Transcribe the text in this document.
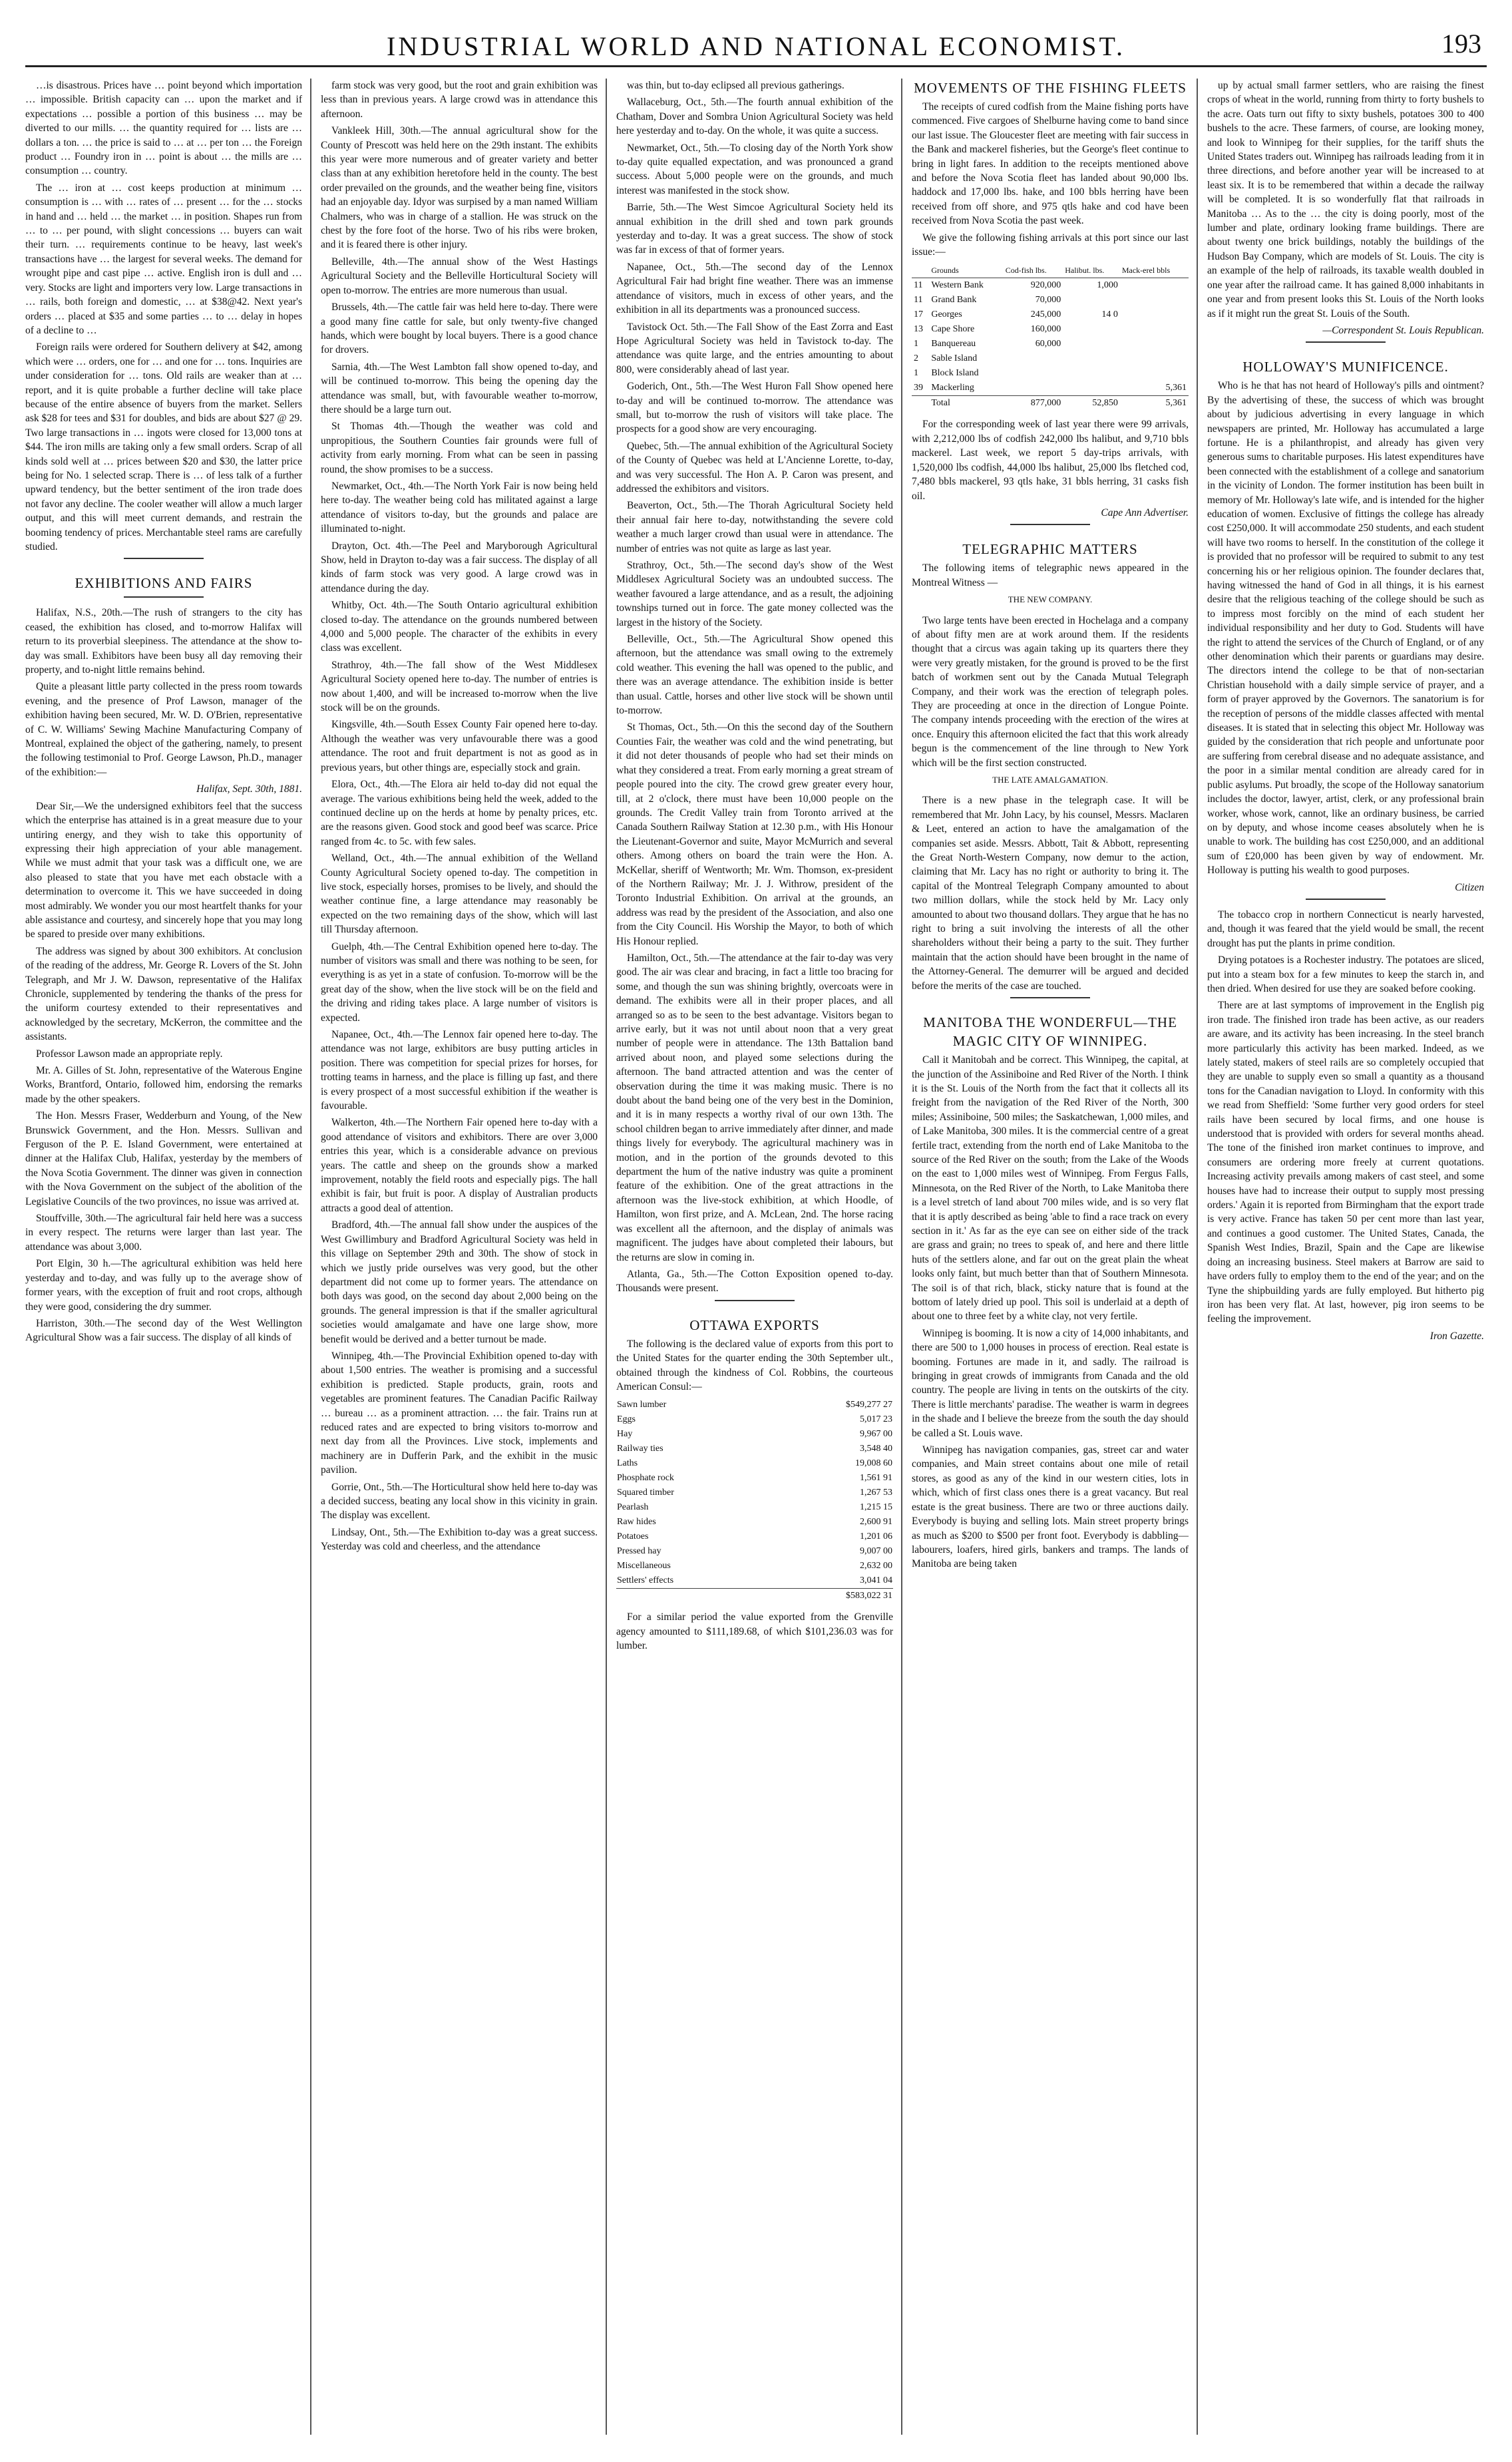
INDUSTRIAL WORLD AND NATIONAL ECONOMIST.	193

…is disastrous. Prices have … point beyond which importation … impossible. British capacity can … upon the market and if expectations … possible a portion of this business … may be diverted to our mills. … the quantity required for … lists are … dollars a ton. … the price is said to … at … per ton … the Foreign product … Foundry iron in … point is about … the mills are … consumption … country.

The … iron at … cost keeps production at minimum … consumption is … with … rates of … present … for the … stocks in hand and … held … the market … in position. Shapes run from … to … per pound, with slight concessions … buyers can wait their turn. … requirements continue to be heavy, last week's transactions have … the largest for several weeks. The demand for wrought pipe and cast pipe … active. English iron is dull and … very. Stocks are light and importers very low. Large transactions in … rails, both foreign and domestic, … at $38@42. Next year's orders … placed at $35 and some parties … to … delay in hopes of a decline to …

Foreign rails were ordered for Southern delivery at $42, among which were … orders, one for … and one for … tons. Inquiries are under consideration for … tons. Old rails are weaker than at … report, and it is quite probable a further decline will take place because of the entire absence of buyers from the market. Sellers ask $28 for tees and $31 for doubles, and bids are about $27 @ 29. Two large transactions in … ingots were closed for 13,000 tons at $44. The iron mills are taking only a few small orders. Scrap of all kinds sold well at … prices between $20 and $30, the latter price being for No. 1 selected scrap. There is … of less talk of a further upward tendency, but the better sentiment of the iron trade does not favor any decline. The cooler weather will allow a much larger output, and this will meet current demands, and restrain the booming tendency of prices. Merchantable steel rams are carefully studied.

EXHIBITIONS AND FAIRS

Halifax, N.S., 20th.—The rush of strangers to the city has ceased, the exhibition has closed, and to-morrow Halifax will return to its proverbial sleepiness. The attendance at the show to-day was small. Exhibitors have been busy all day removing their property, and to-night little remains behind.

Quite a pleasant little party collected in the press room towards evening, and the presence of Prof Lawson, manager of the exhibition having been secured, Mr. W. D. O'Brien, representative of C. W. Williams' Sewing Machine Manufacturing Company of Montreal, explained the object of the gathering, namely, to present the following testimonial to Prof. George Lawson, Ph.D., manager of the exhibition:—

Halifax, Sept. 30th, 1881.

Dear Sir,—We the undersigned exhibitors feel that the success which the enterprise has attained is in a great measure due to your untiring energy, and they wish to take this opportunity of expressing their high appreciation of your able management. While we must admit that your task was a difficult one, we are also pleased to state that you have met each obstacle with a determination to overcome it. This we have succeeded in doing most admirably. We wonder you our most heartfelt thanks for your able assistance and courtesy, and sincerely hope that you may long be spared to preside over many exhibitions.

The address was signed by about 300 exhibitors. At conclusion of the reading of the address, Mr. George R. Lovers of the St. John Telegraph, and Mr J. W. Dawson, representative of the Halifax Chronicle, supplemented by tendering the thanks of the press for the uniform courtesy extended to their representatives and acknowledged by the secretary, McKerron, the committee and the assistants.

Professor Lawson made an appropriate reply.

Mr. A. Gilles of St. John, representative of the Waterous Engine Works, Brantford, Ontario, followed him, endorsing the remarks made by the other speakers.

The Hon. Messrs Fraser, Wedderburn and Young, of the New Brunswick Government, and the Hon. Messrs. Sullivan and Ferguson of the P. E. Island Government, were entertained at dinner at the Halifax Club, Halifax, yesterday by the members of the Nova Scotia Government. The dinner was given in connection with the Nova Government on the subject of the abolition of the Legislative Councils of the two provinces, no issue was arrived at.

Stouffville, 30th.—The agricultural fair held here was a success in every respect. The returns were larger than last year. The attendance was about 3,000.

Port Elgin, 30 h.—The agricultural exhibition was held here yesterday and to-day, and was fully up to the average show of former years, with the exception of fruit and root crops, although they were good, considering the dry summer.

Harriston, 30th.—The second day of the West Wellington Agricultural Show was a fair success. The display of all kinds of

farm stock was very good, but the root and grain exhibition was less than in previous years. A large crowd was in attendance this afternoon.

Vankleek Hill, 30th.—The annual agricultural show for the County of Prescott was held here on the 29th instant. The exhibits this year were more numerous and of greater variety and better class than at any exhibition heretofore held in the county. The best order prevailed on the grounds, and the weather being fine, visitors had an enjoyable day. Idyor was surpised by a man named William Chalmers, who was in charge of a stallion. He was struck on the chest by the fore foot of the horse. Two of his ribs were broken, and it is feared there is other injury.

Belleville, 4th.—The annual show of the West Hastings Agricultural Society and the Belleville Horticultural Society will open to-morrow. The entries are more numerous than usual.

Brussels, 4th.—The cattle fair was held here to-day. There were a good many fine cattle for sale, but only twenty-five changed hands, which were bought by local buyers. There is a good chance for drovers.

Sarnia, 4th.—The West Lambton fall show opened to-day, and will be continued to-morrow. This being the opening day the attendance was small, but, with favourable weather to-morrow, there should be a large turn out.

St Thomas 4th.—Though the weather was cold and unpropitious, the Southern Counties fair grounds were full of activity from early morning. From what can be seen in passing round, the show promises to be a success.

Newmarket, Oct., 4th.—The North York Fair is now being held here to-day. The weather being cold has militated against a large attendance of visitors to-day, but the grounds and palace are illuminated to-night.

Drayton, Oct. 4th.—The Peel and Maryborough Agricultural Show, held in Drayton to-day was a fair success. The display of all kinds of farm stock was very good. A large crowd was in attendance during the day.

Whitby, Oct. 4th.—The South Ontario agricultural exhibition closed to-day. The attendance on the grounds numbered between 4,000 and 5,000 people. The character of the exhibits in every class was excellent.

Strathroy, 4th.—The fall show of the West Middlesex Agricultural Society opened here to-day. The number of entries is now about 1,400, and will be increased to-morrow when the live stock will be on the grounds.

Kingsville, 4th.—South Essex County Fair opened here to-day. Although the weather was very unfavourable there was a good attendance. The root and fruit department is not as good as in previous years, but other things are, especially stock and grain.

Elora, Oct., 4th.—The Elora air held to-day did not equal the average. The various exhibitions being held the week, added to the continued decline up on the herds at home by penalty prices, etc. are the reasons given. Good stock and good beef was scarce. Price ranged from 4c. to 5c. with few sales.

Welland, Oct., 4th.—The annual exhibition of the Welland County Agricultural Society opened to-day. The competition in live stock, especially horses, promises to be lively, and should the weather continue fine, a large attendance may reasonably be expected on the two remaining days of the show, which will last till Thursday afternoon.

Guelph, 4th.—The Central Exhibition opened here to-day. The number of visitors was small and there was nothing to be seen, for everything is as yet in a state of confusion. To-morrow will be the great day of the show, when the live stock will be on the field and the driving and riding takes place. A large number of visitors is expected.

Napanee, Oct., 4th.—The Lennox fair opened here to-day. The attendance was not large, exhibitors are busy putting articles in position. There was competition for special prizes for horses, for trotting teams in harness, and the place is filling up fast, and there is every prospect of a most successful exhibition if the weather is favourable.

Walkerton, 4th.—The Northern Fair opened here to-day with a good attendance of visitors and exhibitors. There are over 3,000 entries this year, which is a considerable advance on previous years. The cattle and sheep on the grounds show a marked improvement, notably the field roots and especially pigs. The hall exhibit is fair, but fruit is poor. A display of Australian products attracts a good deal of attention.

Bradford, 4th.—The annual fall show under the auspices of the West Gwillimbury and Bradford Agricultural Society was held in this village on September 29th and 30th. The show of stock in which we justly pride ourselves was very good, but the other department did not come up to former years. The attendance on both days was good, on the second day about 2,000 being on the grounds. The general impression is that if the smaller agricultural societies would amalgamate and have one large show, more benefit would be derived and a better turnout be made.

Winnipeg, 4th.—The Provincial Exhibition opened to-day with about 1,500 entries. The weather is promising and a successful exhibition is predicted. Staple products, grain, roots and vegetables are prominent features. The Canadian Pacific Railway … bureau … as a prominent attraction. … the fair. Trains run at reduced rates and are expected to bring visitors to-morrow and next day from all the Provinces. Live stock, implements and machinery are in Dufferin Park, and the exhibit in the music pavilion.

Gorrie, Ont., 5th.—The Horticultural show held here to-day was a decided success, beating any local show in this vicinity in grain. The display was excellent.

Lindsay, Ont., 5th.—The Exhibition to-day was a great success. Yesterday was cold and cheerless, and the attendance

was thin, but to-day eclipsed all previous gatherings.

Wallaceburg, Oct., 5th.—The fourth annual exhibition of the Chatham, Dover and Sombra Union Agricultural Society was held here yesterday and to-day. On the whole, it was quite a success.

Newmarket, Oct., 5th.—To closing day of the North York show to-day quite equalled expectation, and was pronounced a grand success. About 5,000 people were on the grounds, and much interest was manifested in the stock show.

Barrie, 5th.—The West Simcoe Agricultural Society held its annual exhibition in the drill shed and town park grounds yesterday and to-day. It was a great success. The show of stock was far in excess of that of former years.

Napanee, Oct., 5th.—The second day of the Lennox Agricultural Fair had bright fine weather. There was an immense attendance of visitors, much in excess of other years, and the exhibition in all its departments was a pronounced success.

Tavistock Oct. 5th.—The Fall Show of the East Zorra and East Hope Agricultural Society was held in Tavistock to-day. The attendance was quite large, and the entries amounting to about 800, were considerably ahead of last year.

Goderich, Ont., 5th.—The West Huron Fall Show opened here to-day and will be continued to-morrow. The attendance was small, but to-morrow the rush of visitors will take place. The prospects for a good show are very encouraging.

Quebec, 5th.—The annual exhibition of the Agricultural Society of the County of Quebec was held at L'Ancienne Lorette, to-day, and was very successful. The Hon A. P. Caron was present, and addressed the exhibitors and visitors.

Beaverton, Oct., 5th.—The Thorah Agricultural Society held their annual fair here to-day, notwithstanding the severe cold weather a much larger crowd than usual were in attendance. The number of entries was not quite as large as last year.

Strathroy, Oct., 5th.—The second day's show of the West Middlesex Agricultural Society was an undoubted success. The weather favoured a large attendance, and as a result, the adjoining townships turned out in force. The gate money collected was the largest in the history of the Society.

Belleville, Oct., 5th.—The Agricultural Show opened this afternoon, but the attendance was small owing to the extremely cold weather. This evening the hall was opened to the public, and there was an average attendance. The exhibition inside is better than usual. Cattle, horses and other live stock will be shown until to-morrow.

St Thomas, Oct., 5th.—On this the second day of the Southern Counties Fair, the weather was cold and the wind penetrating, but it did not deter thousands of people who had set their minds on what they considered a treat. From early morning a great stream of people poured into the city. The crowd grew greater every hour, till, at 2 o'clock, there must have been 10,000 people on the grounds. The Credit Valley train from Toronto arrived at the Canada Southern Railway Station at 12.30 p.m., with His Honour the Lieutenant-Governor and suite, Mayor McMurrich and several others. Among others on board the train were the Hon. A. McKellar, sheriff of Wentworth; Mr. Wm. Thomson, ex-president of the Northern Railway; Mr. J. J. Withrow, president of the Toronto Industrial Exhibition. On arrival at the grounds, an address was read by the president of the Association, and also one from the City Council. His Worship the Mayor, to both of which His Honour replied.

Hamilton, Oct., 5th.—The attendance at the fair to-day was very good. The air was clear and bracing, in fact a little too bracing for some, and though the sun was shining brightly, overcoats were in demand. The exhibits were all in their proper places, and all arranged so as to be seen to the best advantage. Visitors began to arrive early, but it was not until about noon that a very great number of people were in attendance. The 13th Battalion band arrived about noon, and played some selections during the afternoon. The band attracted attention and was the center of observation during the time it was making music. There is no doubt about the band being one of the very best in the Dominion, and it is in many respects a worthy rival of our own 13th. The school children began to arrive immediately after dinner, and made things lively for everybody. The agricultural machinery was in motion, and in the portion of the grounds devoted to this department the hum of the native industry was quite a prominent feature of the exhibition. One of the great attractions in the afternoon was the live-stock exhibition, at which Hoodle, of Hamilton, won first prize, and A. McLean, 2nd. The horse racing was excellent all the afternoon, and the display of animals was magnificent. The judges have about completed their labours, but the returns are slow in coming in.

Atlanta, Ga., 5th.—The Cotton Exposition opened to-day. Thousands were present.

OTTAWA EXPORTS

The following is the declared value of exports from this port to the United States for the quarter ending the 30th September ult., obtained through the kindness of Col. Robbins, the courteous American Consul:—

Sawn lumber	$549,277 27
Eggs	5,017 23
Hay	9,967 00
Railway ties	3,548 40
Laths	19,008 60
Phosphate rock	1,561 91
Squared timber	1,267 53
Pearlash	1,215 15
Raw hides	2,600 91
Potatoes	1,201 06
Pressed hay	9,007 00
Miscellaneous	2,632 00
Settlers' effects	3,041 04
	$583,022 31

For a similar period the value exported from the Grenville agency amounted to $111,189.68, of which $101,236.03 was for lumber.

MOVEMENTS OF THE FISHING FLEETS

The receipts of cured codfish from the Maine fishing ports have commenced. Five cargoes of Shelburne having come to band since our last issue. The Gloucester fleet are meeting with fair success in the Bank and mackerel fisheries, but the George's fleet continue to bring in light fares. In addition to the receipts mentioned above and before the Nova Scotia fleet has landed about 90,000 lbs. haddock and 17,000 lbs. hake, and 100 bbls herring have been received from off shore, and 975 qtls hake and cod have been received from Nova Scotia the past week.

We give the following fishing arrivals at this port since our last issue:—

	Grounds	Cod-fish lbs.	Halibut. lbs.	Mack-erel bbls
11	Western Bank	920,000	1,000	
11	Grand Bank	70,000		
17	Georges	245,000	14 0	
13	Cape Shore	160,000		
1	Banquereau	60,000		
2	Sable Island			
1	Block Island			
39	Mackerling			5,361
	Total	877,000	52,850	5,361

For the corresponding week of last year there were 99 arrivals, with 2,212,000 lbs of codfish 242,000 lbs halibut, and 9,710 bbls mackerel. Last week, we report 5 day-trips arrivals, with 1,520,000 lbs codfish, 44,000 lbs halibut, 25,000 lbs fletched cod, 7,480 bbls mackerel, 93 qtls hake, 31 bbls herring, 31 casks fish oil.

Cape Ann Advertiser.

TELEGRAPHIC MATTERS

The following items of telegraphic news appeared in the Montreal Witness —

THE NEW COMPANY.

Two large tents have been erected in Hochelaga and a company of about fifty men are at work around them. If the residents thought that a circus was again taking up its quarters there they were very greatly mistaken, for the ground is proved to be the first batch of workmen sent out by the Canada Mutual Telegraph Company, and their work was the erection of telegraph poles. They are proceeding at once in the direction of Longue Pointe. The company intends proceeding with the erection of the wires at once. Enquiry this afternoon elicited the fact that this work already begun is the commencement of the line through to New York which will be the first section constructed.

THE LATE AMALGAMATION.

There is a new phase in the telegraph case. It will be remembered that Mr. John Lacy, by his counsel, Messrs. Maclaren & Leet, entered an action to have the amalgamation of the companies set aside. Messrs. Abbott, Tait & Abbott, representing the Great North-Western Company, now demur to the action, claiming that Mr. Lacy has no right or authority to bring it. The capital of the Montreal Telegraph Company amounted to about two million dollars, while the stock held by Mr. Lacy only amounted to about two thousand dollars. They argue that he has no right to bring a suit involving the interests of all the other shareholders without their being a party to the suit. They further maintain that the action should have been brought in the name of the Attorney-General. The demurrer will be argued and decided before the merits of the case are touched.

MANITOBA THE WONDERFUL—THE MAGIC CITY OF WINNIPEG.

Call it Manitobah and be correct. This Winnipeg, the capital, at the junction of the Assiniboine and Red River of the North. I think it is the St. Louis of the North from the fact that it collects all its freight from the navigation of the Red River of the North, 300 miles; Assiniboine, 500 miles; the Saskatchewan, 1,000 miles, and of Lake Manitoba, 300 miles. It is the commercial centre of a great fertile tract, extending from the north end of Lake Manitoba to the source of the Red River on the south; from the Lake of the Woods on the east to 1,000 miles west of Winnipeg. From Fergus Falls, Minnesota, on the Red River of the North, to Lake Manitoba there is a level stretch of land about 700 miles wide, and is so very flat that it is aptly described as being 'able to find a race track on every section in it.' As far as the eye can see on either side of the track are grass and grain; no trees to speak of, and here and there little huts of the settlers alone, and far out on the great plain the wheat looks only faint, but much better than that of Southern Minnesota. The soil is of that rich, black, sticky nature that is found at the bottom of lately dried up pool. This soil is underlaid at a depth of about one to three feet by a white clay, not very fertile.

Winnipeg is booming. It is now a city of 14,000 inhabitants, and there are 500 to 1,000 houses in process of erection. Real estate is booming. Fortunes are made in it, and sadly. The railroad is bringing in great crowds of immigrants from Canada and the old country. The people are living in tents on the outskirts of the city. There is little merchants' paradise. The weather is warm in degrees in the shade and I believe the breeze from the south the day should be called a St. Louis wave.

Winnipeg has navigation companies, gas, street car and water companies, and Main street contains about one mile of retail stores, as good as any of the kind in our western cities, lots in which, which of first class ones there is a great vacancy. But real estate is the great business. There are two or three auctions daily. Everybody is buying and selling lots. Main street property brings as much as $200 to $500 per front foot. Everybody is dabbling—labourers, loafers, hired girls, bankers and tramps. The lands of Manitoba are being taken

up by actual small farmer settlers, who are raising the finest crops of wheat in the world, running from thirty to forty bushels to the acre. Oats turn out fifty to sixty bushels, potatoes 300 to 400 bushels to the acre. These farmers, of course, are looking money, and look to Winnipeg for their supplies, for the tariff shuts the United States traders out. Winnipeg has railroads leading from it in three directions, and before another year will be increased to at least six. It is to be remembered that within a decade the railway will be completed. It is so wonderfully flat that railroads in Manitoba … As to the … the city is doing poorly, most of the lumber and plate, ordinary looking frame buildings. There are about twenty one brick buildings, notably the buildings of the Hudson Bay Company, which are models of St. Louis. The city is an example of the help of railroads, its taxable wealth doubled in one year after the railroad came. It has gained 8,000 inhabitants in one year and from present looks this St. Louis of the North looks as if it might run the great St. Louis of the South.

—Correspondent St. Louis Republican.

HOLLOWAY'S MUNIFICENCE.

Who is he that has not heard of Holloway's pills and ointment? By the advertising of these, the success of which was brought about by judicious advertising in every language in which newspapers are printed, Mr. Holloway has accumulated a large fortune. He is a philanthropist, and already has given very generous sums to charitable purposes. His latest expenditures have been connected with the establishment of a college and sanatorium in the vicinity of London. The former institution has been built in memory of Mr. Holloway's late wife, and is intended for the higher education of women. Exclusive of fittings the college has already cost £250,000. It will accommodate 250 students, and each student will have two rooms to herself. In the constitution of the college it is provided that no professor will be required to submit to any test concerning his or her religious opinion. The founder declares that, having witnessed the hand of God in all things, it is his earnest desire that the religious teaching of the college should be such as to impress most forcibly on the mind of each student her individual responsibility and her duty to God. Students will have the right to attend the services of the Church of England, or of any other denomination which their parents or guardians may desire. The directors intend the college to be that of non-sectarian Christian household with a daily simple service of prayer, and a form of prayer approved by the Governors. The sanatorium is for the reception of persons of the middle classes affected with mental diseases. It is stated that in selecting this object Mr. Holloway was guided by the consideration that rich people and unfortunate poor are suffering from cerebral disease and no adequate assistance, and the poor in a similar mental condition are already cared for in public asylums. Put broadly, the scope of the Holloway sanatorium includes the doctor, lawyer, artist, clerk, or any professional brain worker, whose work, cannot, like an ordinary business, be carried on by deputy, and whose income ceases absolutely when he is unable to work. The building has cost £250,000, and an additional sum of £20,000 has been given by way of endowment. Mr. Holloway is putting his wealth to good purposes.

Citizen

The tobacco crop in northern Connecticut is nearly harvested, and, though it was feared that the yield would be small, the recent drought has put the plants in prime condition.

Drying potatoes is a Rochester industry. The potatoes are sliced, put into a steam box for a few minutes to keep the starch in, and then dried. When desired for use they are soaked before cooking.

There are at last symptoms of improvement in the English pig iron trade. The finished iron trade has been active, as our readers are aware, and its activity has been increasing. In the steel branch more particularly this activity has been marked. Indeed, as we lately stated, makers of steel rails are so completely occupied that they are unable to supply even so small a quantity as a thousand tons for the Canadian navigation to Lloyd. In conformity with this we read from Sheffield: 'Some further very good orders for steel rails have been secured by local firms, and one house is understood that is provided with orders for several months ahead. The tone of the finished iron market continues to improve, and consumers are ordering more freely at current quotations. Increasing activity prevails among makers of cast steel, and some houses have had to increase their output to supply most pressing orders.' Again it is reported from Birmingham that the export trade is very active. France has taken 50 per cent more than last year, and continues a good customer. The United States, Canada, the Spanish West Indies, Brazil, Spain and the Cape are likewise doing an increasing business. Steel makers at Barrow are said to have orders fully to employ them to the end of the year; and on the Tyne the shipbuilding yards are fully employed. But hitherto pig iron has been very flat. At last, however, pig iron seems to be feeling the improvement.

Iron Gazette.
